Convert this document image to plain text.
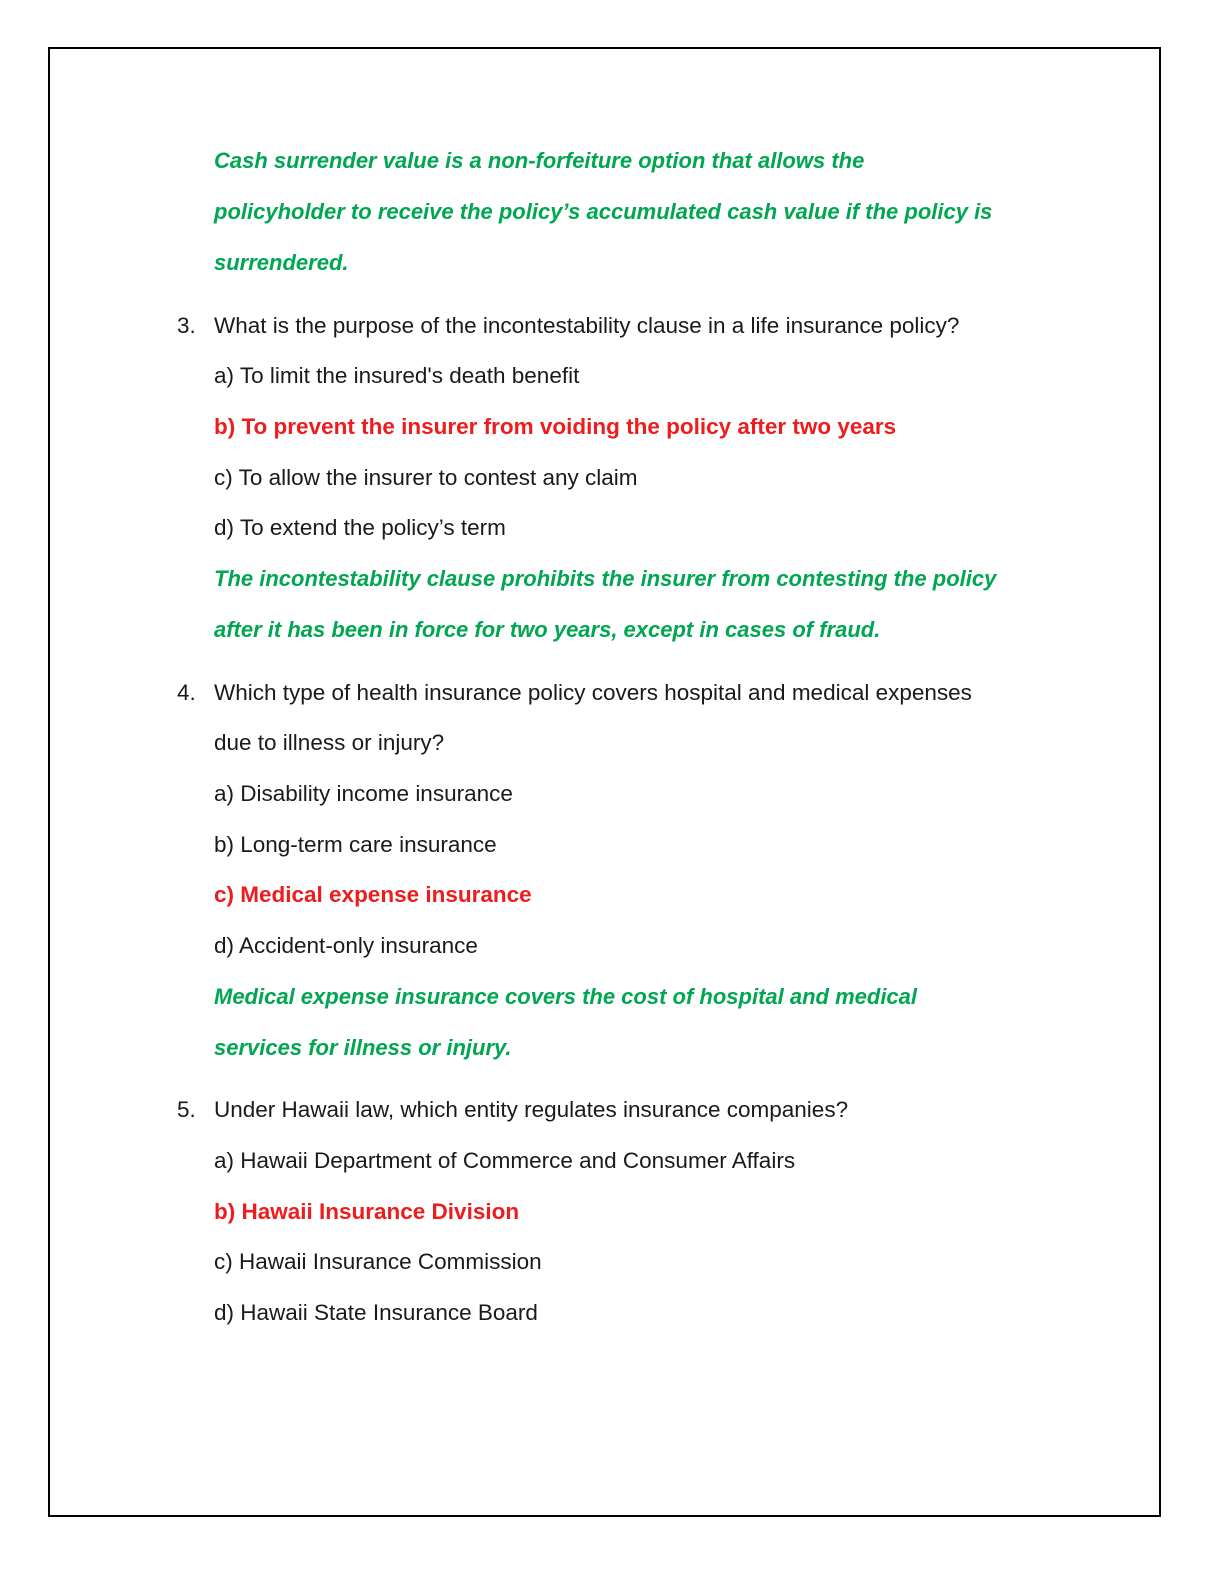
Cash surrender value is a non-forfeiture option that allows the
policyholder to receive the policy’s accumulated cash value if the policy is
surrendered.
3. What is the purpose of the incontestability clause in a life insurance policy?
a) To limit the insured's death benefit
b) To prevent the insurer from voiding the policy after two years
c) To allow the insurer to contest any claim
d) To extend the policy’s term
The incontestability clause prohibits the insurer from contesting the policy
after it has been in force for two years, except in cases of fraud.
4. Which type of health insurance policy covers hospital and medical expenses
due to illness or injury?
a) Disability income insurance
b) Long-term care insurance
c) Medical expense insurance
d) Accident-only insurance
Medical expense insurance covers the cost of hospital and medical
services for illness or injury.
5. Under Hawaii law, which entity regulates insurance companies?
a) Hawaii Department of Commerce and Consumer Affairs
b) Hawaii Insurance Division
c) Hawaii Insurance Commission
d) Hawaii State Insurance Board
